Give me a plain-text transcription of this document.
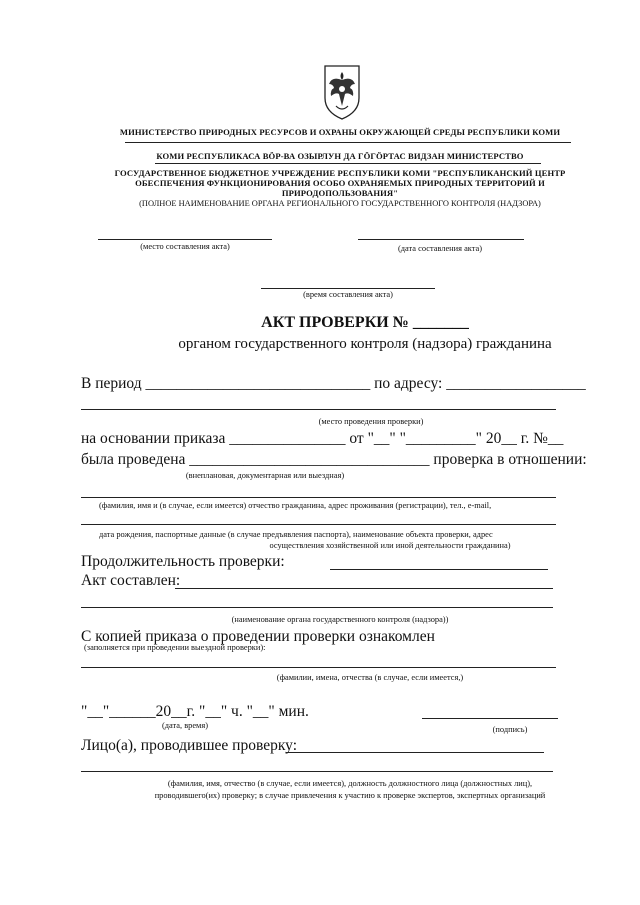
МИНИСТЕРСТВО ПРИРОДНЫХ РЕСУРСОВ И ОХРАНЫ ОКРУЖАЮЩЕЙ СРЕДЫ РЕСПУБЛИКИ КОМИ
КОМИ РЕСПУБЛИКАСА ВÖР-ВА ОЗЫРЛУН ДА ГÖГÖРТАС ВИДЗАН МИНИСТЕРСТВО
ГОСУДАРСТВЕННОЕ БЮДЖЕТНОЕ УЧРЕЖДЕНИЕ РЕСПУБЛИКИ КОМИ "РЕСПУБЛИКАНСКИЙ ЦЕНТР
ОБЕСПЕЧЕНИЯ ФУНКЦИОНИРОВАНИЯ ОСОБО ОХРАНЯЕМЫХ ПРИРОДНЫХ ТЕРРИТОРИЙ И
ПРИРОДОПОЛЬЗОВАНИЯ"
(ПОЛНОЕ НАИМЕНОВАНИЕ ОРГАНА РЕГИОНАЛЬНОГО ГОСУДАРСТВЕННОГО КОНТРОЛЯ (НАДЗОРА)
(место составления акта)	(дата составления акта)
(время составления акта)
АКТ ПРОВЕРКИ № _______
органом государственного контроля (надзора) гражданина
В период _____________________________ по адресу: __________________
(место проведения проверки)
на основании приказа _______________ от "__" "_________" 20__ г. №__
была проведена _______________________________ проверка в отношении:
(внеплановая, документарная или выездная)
(фамилия, имя и (в случае, если имеется) отчество гражданина, адрес проживания (регистрации), тел., e-mail,
дата рождения, паспортные данные (в случае предъявления паспорта), наименование объекта проверки, адрес
осуществления хозяйственной или иной деятельности гражданина)
Продолжительность проверки:
Акт составлен:
(наименование органа государственного контроля (надзора))
С копией приказа о проведении проверки ознакомлен
(заполняется при проведении выездной проверки):
(фамилии, имена, отчества (в случае, если имеется,)
"__"______20__г. "__" ч. "__" мин.
(дата, время)	(подпись)
Лицо(а), проводившее проверку:
(фамилия, имя, отчество (в случае, если имеется), должность должностного лица (должностных лиц),
проводившего(их) проверку; в случае привлечения к участию к проверке экспертов, экспертных организаций
